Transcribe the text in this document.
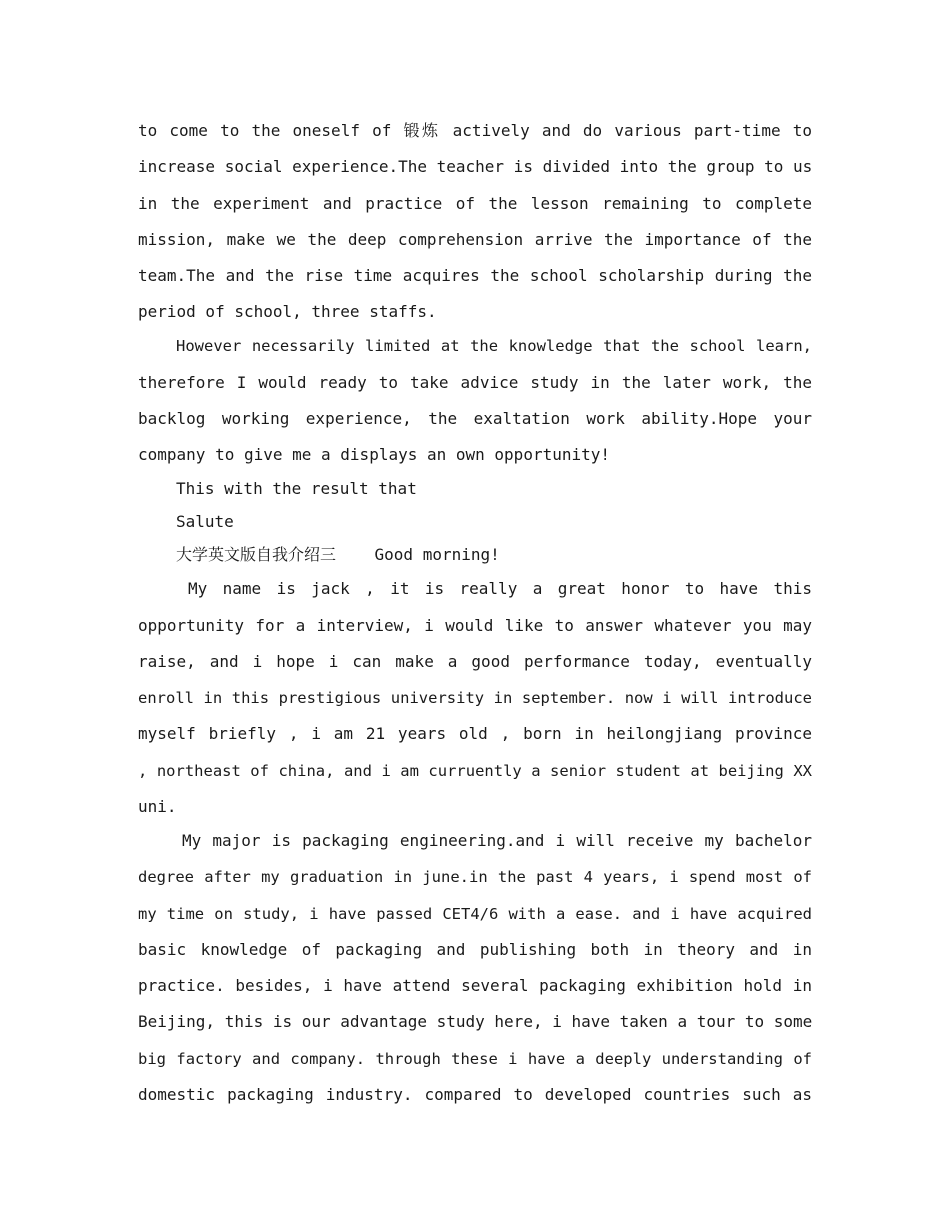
to come to the oneself of 锻炼 actively and do various part-time to
increase social experience.The teacher is divided into the group to us
in the experiment and practice of the lesson remaining to complete
mission, make we the deep comprehension arrive the importance of the
team.The and the rise time acquires the school scholarship during the
period of school, three staffs.
However necessarily limited at the knowledge that the school learn,
therefore I would ready to take advice study in the later work, the
backlog working experience, the exaltation work ability.Hope your
company to give me a displays an own opportunity!
This with the result that
Salute
大学英文版自我介绍三    Good morning!
My name is jack , it is really a great honor to have this
opportunity for a interview, i would like to answer whatever you may
raise, and i hope i can make a good performance today, eventually
enroll in this prestigious university in september. now i will introduce
myself briefly , i am 21 years old , born in heilongjiang province
, northeast of china, and i am curruently a senior student at beijing XX
uni.
My major is packaging engineering.and i will receive my bachelor
degree after my graduation in june.in the past 4 years, i spend most of
my time on study, i have passed CET4/6 with a ease. and i have acquired
basic knowledge of packaging and publishing both in theory and in
practice. besides, i have attend several packaging exhibition hold in
Beijing, this is our advantage study here, i have taken a tour to some
big factory and company. through these i have a deeply understanding of
domestic packaging industry. compared to developed countries such as
